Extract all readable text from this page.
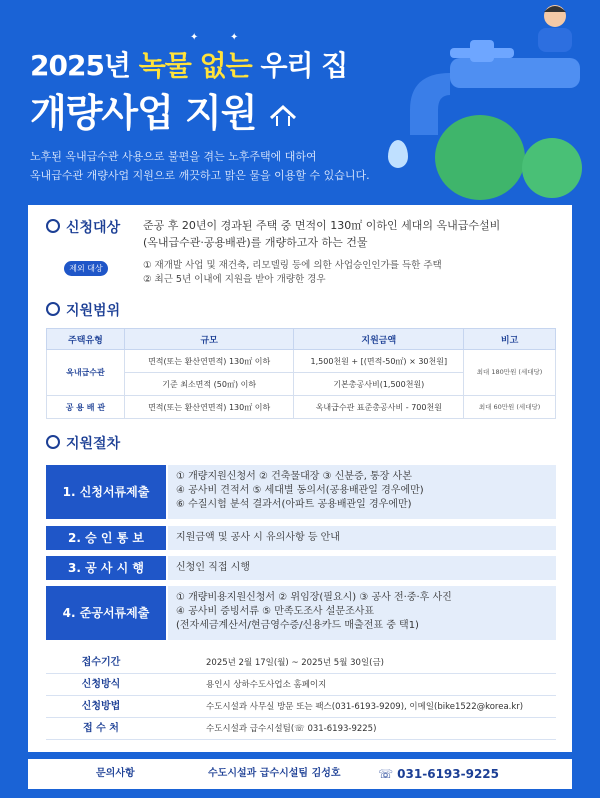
✦	✦
2025년 녹물 없는 우리 집
개량사업 지원
노후된 옥내급수관 사용으로 불편을 겪는 노후주택에 대하여
옥내급수관 개량사업 지원으로 깨끗하고 맑은 물을 이용할 수 있습니다.
신청대상 준공 후 20년이 경과된 주택 중 면적이 130㎡ 이하인 세대의 옥내급수설비
(옥내급수관·공용배관)를 개량하고자 하는 건물
제외 대상	① 재개발 사업 및 재건축, 리모델링 등에 의한 사업승인인가를 득한 주택
② 최근 5년 이내에 지원을 받아 개량한 경우
지원범위
주택유형	규모	지원금액	비고
옥내급수관	면적(또는 환산연면적) 130㎡ 이하	1,500천원 + [(면적-50㎡) × 30천원]	최대 180만원 (세대당)
	기준 최소면적 (50㎡) 이하	기본총공사비(1,500천원)	
공 용 배 관	면적(또는 환산연면적) 130㎡ 이하	옥내급수관 표준총공사비 - 700천원	최대 60만원 (세대당)
지원절차
1. 신청서류제출
① 개량지원신청서 ② 건축물대장 ③ 신분증, 통장 사본
④ 공사비 견적서 ⑤ 세대별 동의서(공용배관일 경우에만)
⑥ 수질시험 분석 결과서(아파트 공용배관일 경우에만)
2. 승 인 통 보	지원금액 및 공사 시 유의사항 등 안내
3. 공 사 시 행	신청인 직접 시행
4. 준공서류제출
① 개량비용지원신청서 ② 위임장(필요시) ③ 공사 전·중·후 사진
④ 공사비 증빙서류 ⑤ 만족도조사 설문조사표
(전자세금계산서/현금영수증/신용카드 매출전표 중 택1)
접수기간	2025년 2월 17일(월) ~ 2025년 5월 30일(금)
신청방식	용인시 상하수도사업소 홈페이지
신청방법	수도시설과 사무실 방문 또는 팩스(031-6193-9209), 이메일(bike1522@korea.kr)
접 수 처	수도시설과 급수시설팀(☏ 031-6193-9225)
문의사항	수도시설과 급수시설팀 김성호	☏ 031-6193-9225
